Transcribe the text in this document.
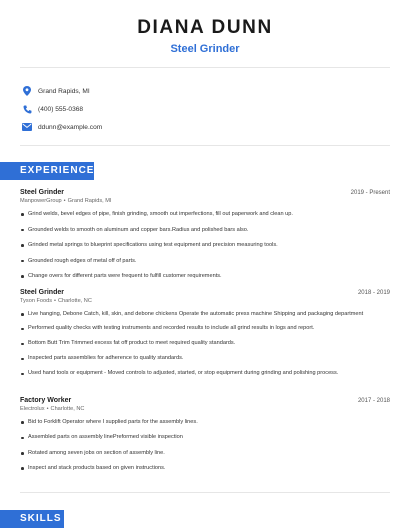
DIANA DUNN
Steel Grinder
Grand Rapids, MI
(400) 555-0368
ddunn@example.com
EXPERIENCE
Steel Grinder	2019 - Present
ManpowerGroup • Grand Rapids, MI
Grind welds, bevel edges of pipe, finish grinding, smooth out imperfections, fill out paperwork and clean up.
Grounded welds to smooth on aluminum and copper bars.Radius and polished bars also.
Grinded metal springs to blueprint specifications using test equipment and precision measuring tools.
Grounded rough edges of metal off of parts.
Change overs for different parts were frequent to fulfill customer requirements.
Steel Grinder	2018 - 2019
Tyson Foods • Charlotte, NC
Live hanging, Debone Catch, kill, skin, and debone chickens Operate the automatic press machine Shipping and packaging department
Performed quality checks with testing instruments and recorded results to include all grind results in logs and report.
Bottom Butt Trim Trimmed excess fat off product to meet required quality standards.
Inspected parts assemblies for adherence to quality standards.
Used hand tools or equipment - Moved controls to adjusted, started, or stop equipment during grinding and polishing process.
Factory Worker	2017 - 2018
Electrolux • Charlotte, NC
Bid to Forklift Operator where I supplied parts for the assembly lines.
Assembled parts on assembly linePreformed visible inspection
Rotated among seven jobs on section of assembly line.
Inspect and stack products based on given instructions.
SKILLS
